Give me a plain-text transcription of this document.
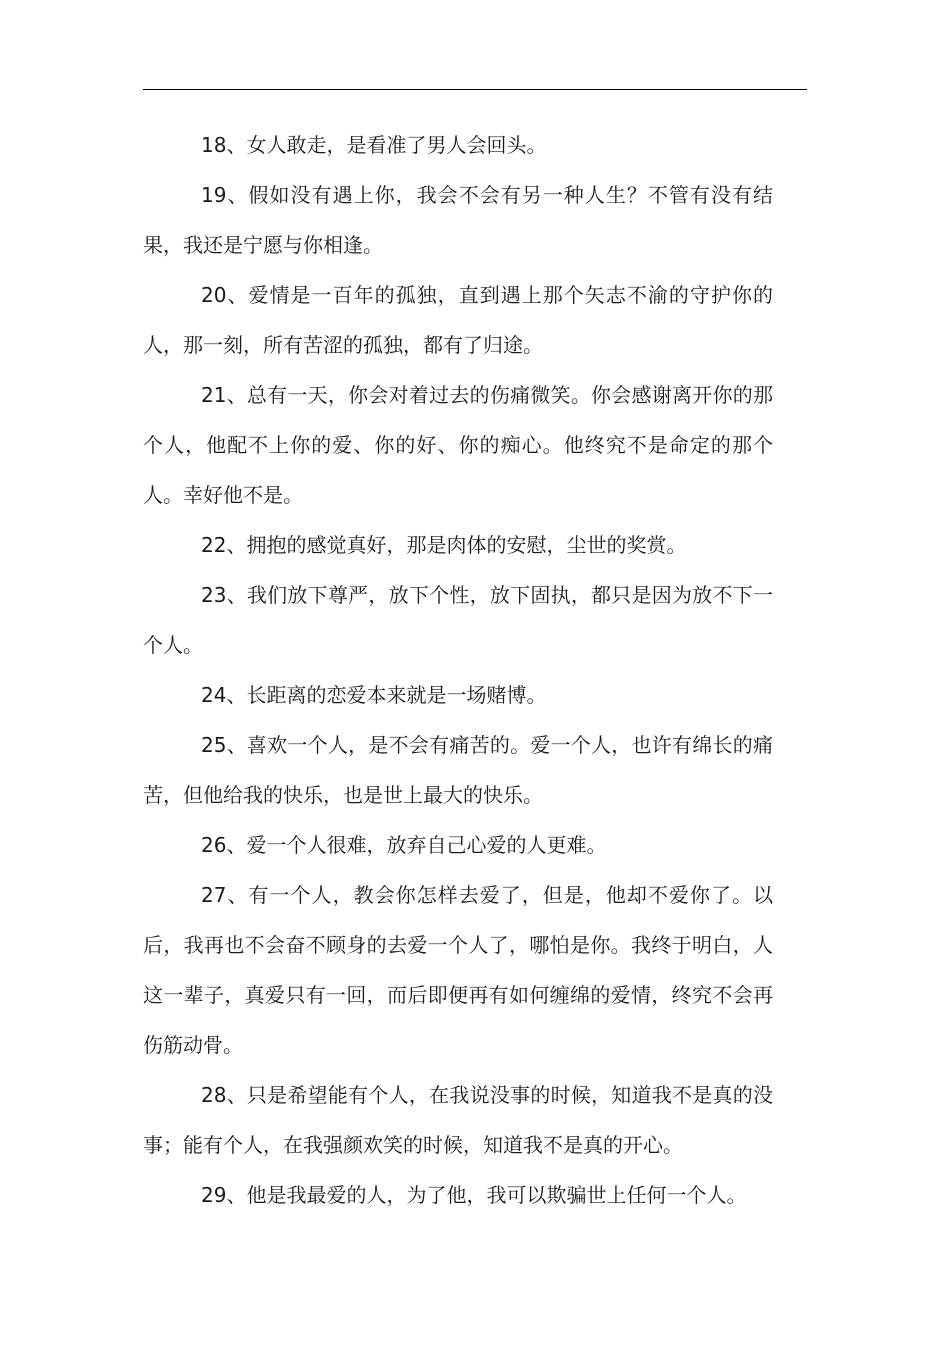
18、女人敢走，是看准了男人会回头。

19、假如没有遇上你，我会不会有另一种人生？不管有没有结果，我还是宁愿与你相逢。

20、爱情是一百年的孤独，直到遇上那个矢志不渝的守护你的人，那一刻，所有苦涩的孤独，都有了归途。

21、总有一天，你会对着过去的伤痛微笑。你会感谢离开你的那个人，他配不上你的爱、你的好、你的痴心。他终究不是命定的那个人。幸好他不是。

22、拥抱的感觉真好，那是肉体的安慰，尘世的奖赏。

23、我们放下尊严，放下个性，放下固执，都只是因为放不下一个人。

24、长距离的恋爱本来就是一场赌博。

25、喜欢一个人，是不会有痛苦的。爱一个人，也许有绵长的痛苦，但他给我的快乐，也是世上最大的快乐。

26、爱一个人很难，放弃自己心爱的人更难。

27、有一个人，教会你怎样去爱了，但是，他却不爱你了。以后，我再也不会奋不顾身的去爱一个人了，哪怕是你。我终于明白，人这一辈子，真爱只有一回，而后即便再有如何缠绵的爱情，终究不会再伤筋动骨。

28、只是希望能有个人，在我说没事的时候，知道我不是真的没事；能有个人，在我强颜欢笑的时候，知道我不是真的开心。

29、他是我最爱的人，为了他，我可以欺骗世上任何一个人。
